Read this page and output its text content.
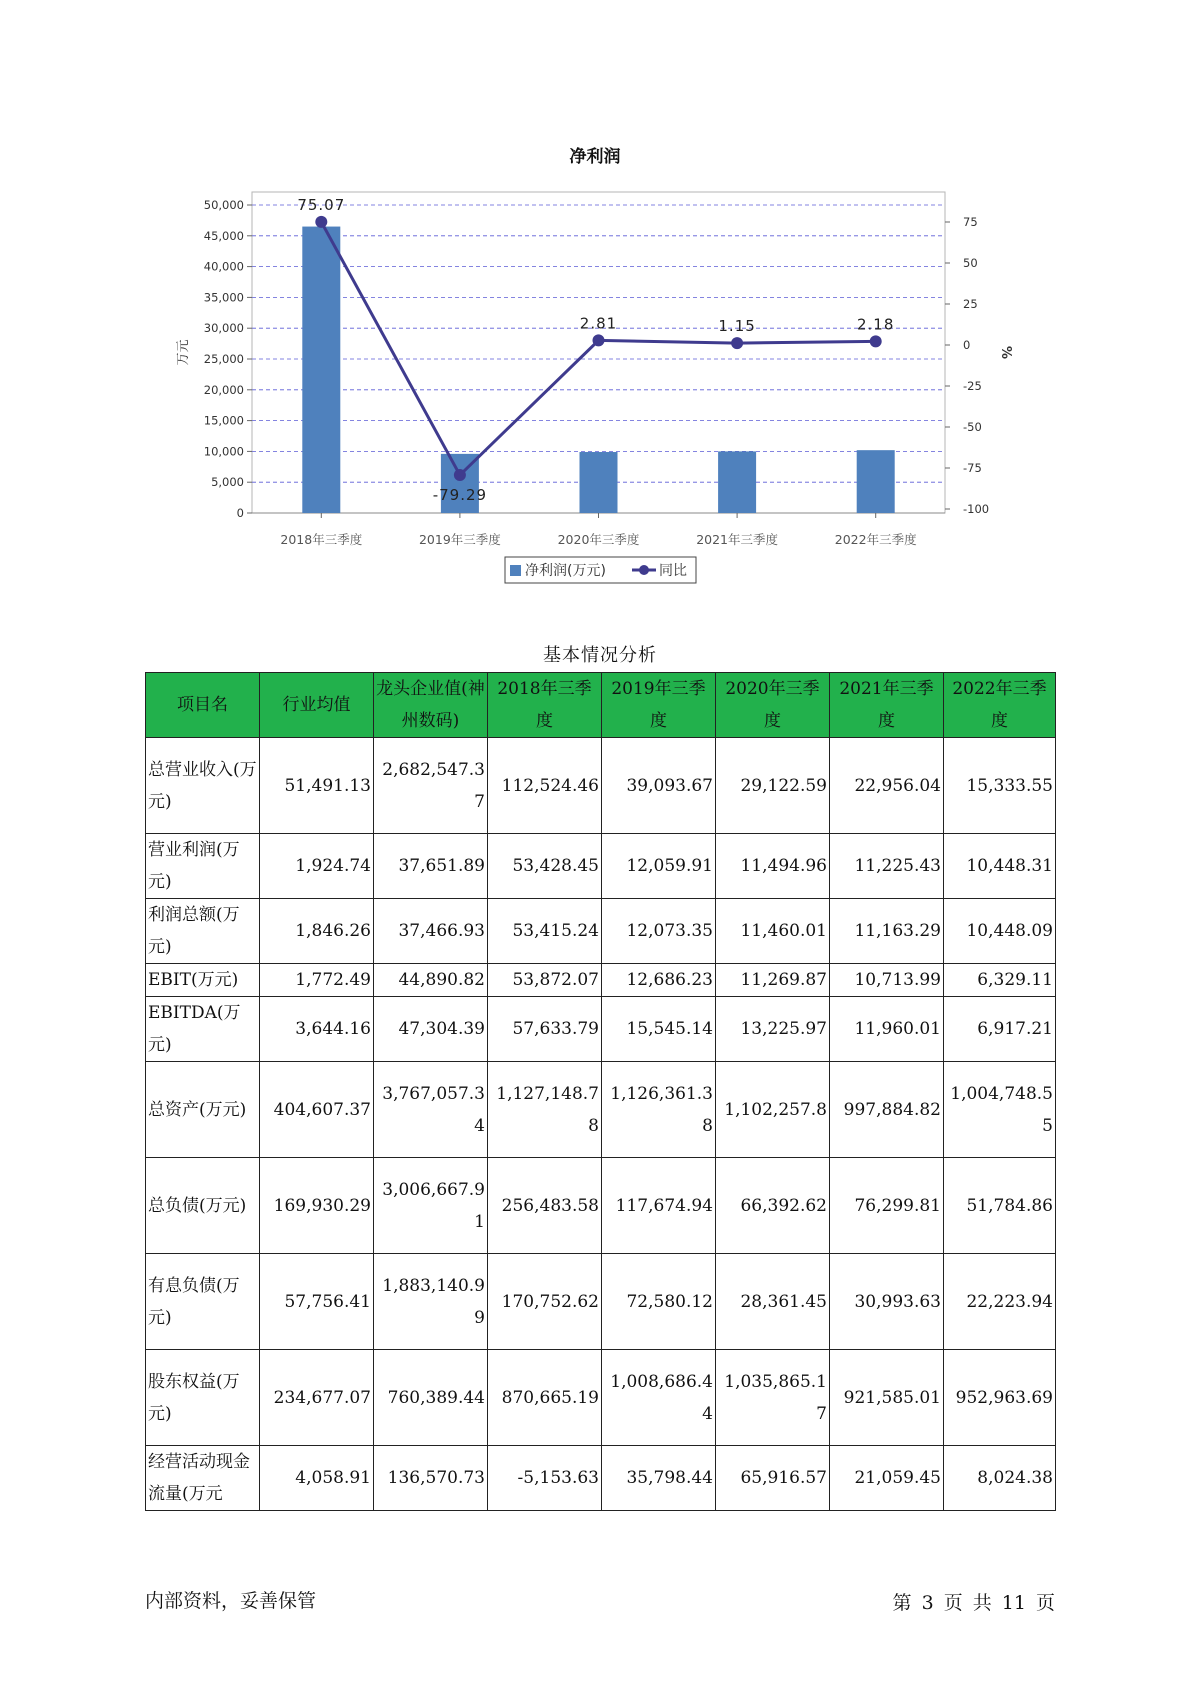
净利润
0
5,000
10,000
15,000
20,000
25,000
30,000
35,000
40,000
45,000
50,000
-100
-75
-50
-25
0
25
50
75
万元	%
2018年三季度	2019年三季度	2020年三季度	2021年三季度	2022年三季度
75.07
-79.29
2.81	1.15	2.18
净利润(万元)	同比
基本情况分析
项目名	行业均值	龙头企业值(神州数码)	2018年三季度	2019年三季度	2020年三季度	2021年三季度	2022年三季度
总营业收入(万元)	51,491.13	2,682,547.37	112,524.46	39,093.67	29,122.59	22,956.04	15,333.55
营业利润(万元)	1,924.74	37,651.89	53,428.45	12,059.91	11,494.96	11,225.43	10,448.31
利润总额(万元)	1,846.26	37,466.93	53,415.24	12,073.35	11,460.01	11,163.29	10,448.09
EBIT(万元)	1,772.49	44,890.82	53,872.07	12,686.23	11,269.87	10,713.99	6,329.11
EBITDA(万元)	3,644.16	47,304.39	57,633.79	15,545.14	13,225.97	11,960.01	6,917.21
总资产(万元)	404,607.37	3,767,057.34	1,127,148.78	1,126,361.38	1,102,257.8	997,884.82	1,004,748.55
总负债(万元)	169,930.29	3,006,667.91	256,483.58	117,674.94	66,392.62	76,299.81	51,784.86
有息负债(万元)	57,756.41	1,883,140.99	170,752.62	72,580.12	28,361.45	30,993.63	22,223.94
股东权益(万元)	234,677.07	760,389.44	870,665.19	1,008,686.44	1,035,865.17	921,585.01	952,963.69
经营活动现金流量(万元	4,058.91	136,570.73	-5,153.63	35,798.44	65,916.57	21,059.45	8,024.38
内部资料，妥善保管	第 3 页 共 11 页
